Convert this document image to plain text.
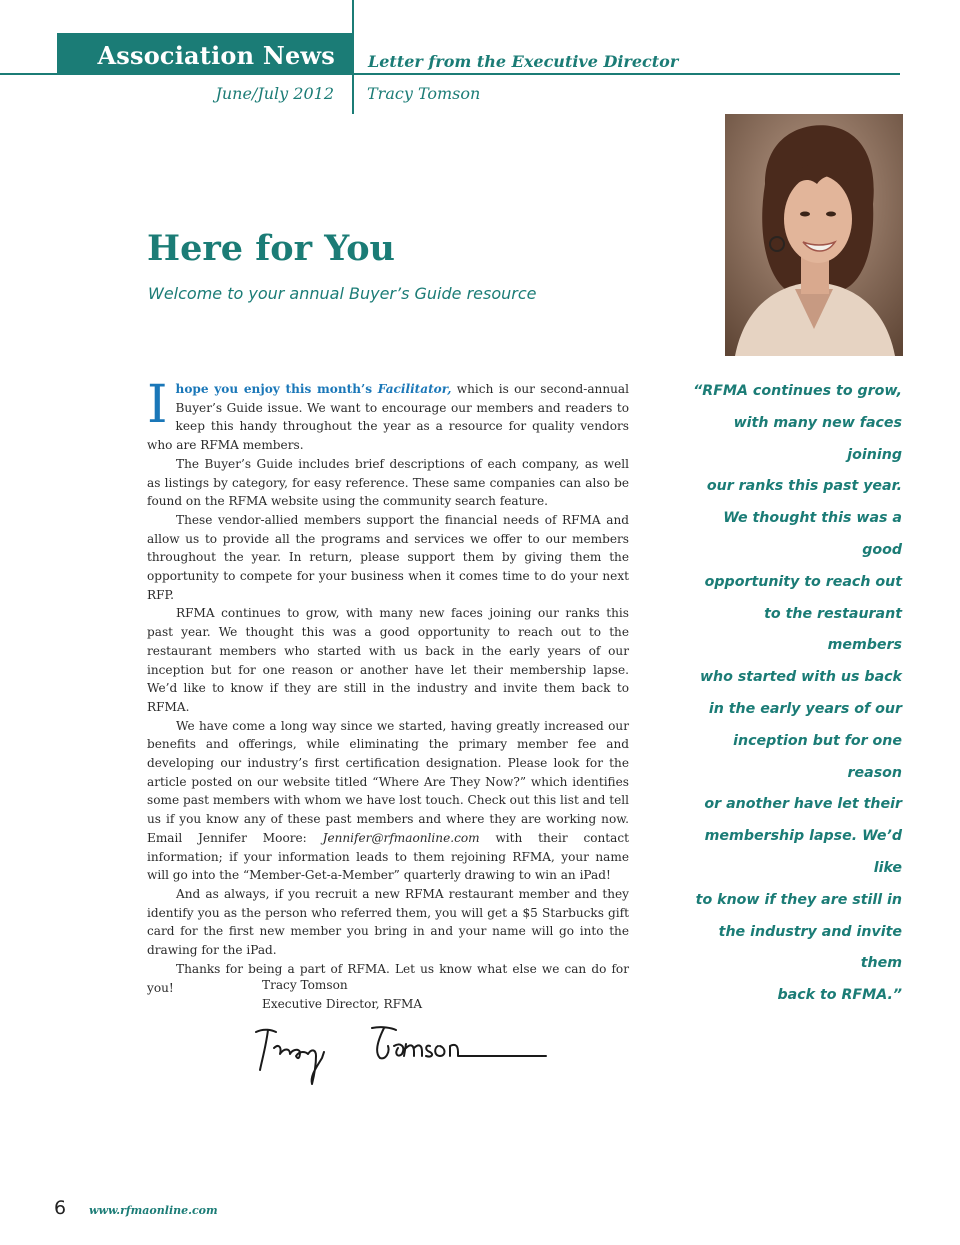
Association News Letter from the Executive Director
June/July 2012 Tracy Tomson
Here for You
Welcome to your annual Buyer’s Guide resource

Ihope you enjoy this month’s Facilitator, which is our second-annual Buyer’s Guide issue. We want to encourage our members and readers to keep this handy throughout the year as a resource for quality vendors who are RFMA members.

The Buyer’s Guide includes brief descriptions of each company, as well as listings by category, for easy reference. These same companies can also be found on the RFMA website using the community search feature.

These vendor-allied members support the financial needs of RFMA and allow us to provide all the programs and services we offer to our members throughout the year. In return, please support them by giving them the opportunity to compete for your business when it comes time to do your next RFP.

RFMA continues to grow, with many new faces joining our ranks this past year. We thought this was a good opportunity to reach out to the restaurant members who started with us back in the early years of our inception but for one reason or another have let their membership lapse. We’d like to know if they are still in the industry and invite them back to RFMA.

We have come a long way since we started, having greatly increased our benefits and offerings, while eliminating the primary member fee and developing our industry’s first certification designation. Please look for the article posted on our website titled “Where Are They Now?” which identifies some past members with whom we have lost touch. Check out this list and tell us if you know any of these past members and where they are working now. Email Jennifer Moore: Jennifer@rfmaonline.com with their contact information; if your information leads to them rejoining RFMA, your name will go into the “Member-Get-a-Member” quarterly drawing to win an iPad!

And as always, if you recruit a new RFMA restaurant member and they identify you as the person who referred them, you will get a $5 Starbucks gift card for the first new member you bring in and your name will go into the drawing for the iPad.

Thanks for being a part of RFMA. Let us know what else we can do for you!

“RFMA continues to grow,
with many new faces joining
our ranks this past year.
We thought this was a good
opportunity to reach out
to the restaurant members
who started with us back
in the early years of our
inception but for one reason
or another have let their
membership lapse. We’d like
to know if they are still in
the industry and invite them
back to RFMA.”
Tracy Tomson
Executive Director, RFMA
6 www.rfmaonline.com
